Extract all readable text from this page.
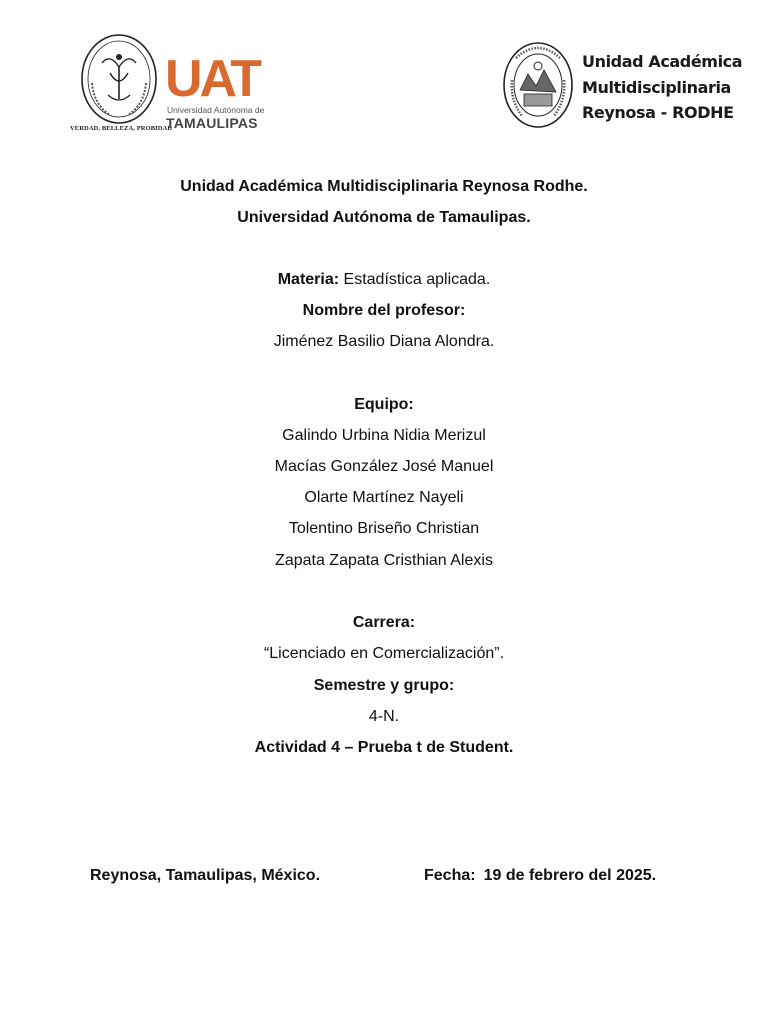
VERDAD, BELLEZA, PROBIDAD
UAT
Universidad Autónoma de
TAMAULIPAS
Unidad Académica
Multidisciplinaria
Reynosa - RODHE
Unidad Académica Multidisciplinaria Reynosa Rodhe.
Universidad Autónoma de Tamaulipas.
Materia: Estadística aplicada.
Nombre del profesor:
Jiménez Basilio Diana Alondra.
Equipo:
Galindo Urbina Nidia Merizul
Macías González José Manuel
Olarte Martínez Nayeli
Tolentino Briseño Christian
Zapata Zapata Cristhian Alexis
Carrera:
“Licenciado en Comercialización”.
Semestre y grupo:
4-N.
Actividad 4 – Prueba t de Student.
Reynosa, Tamaulipas, México.	Fecha: 19 de febrero del 2025.
